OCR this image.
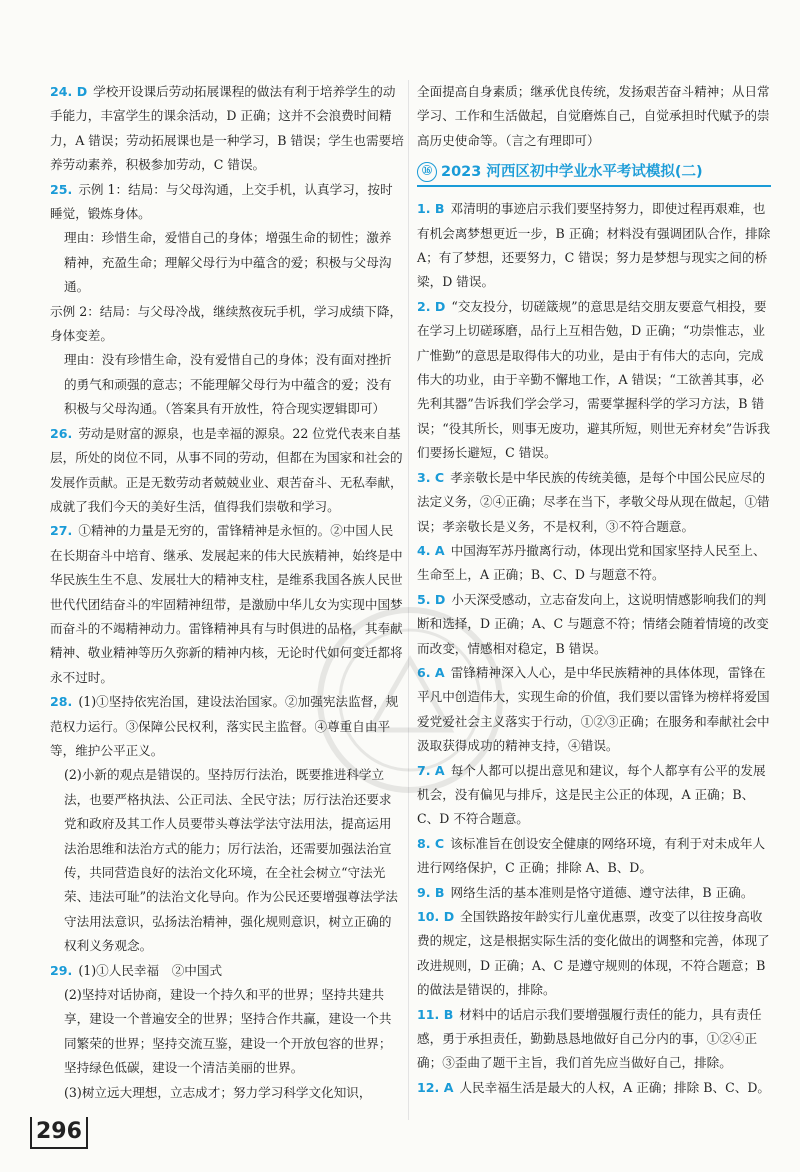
24. D 学校开设课后劳动拓展课程的做法有利于培养学生的动手能力，丰富学生的课余活动，D 正确；这并不会浪费时间精力，A 错误；劳动拓展课也是一种学习，B 错误；学生也需要培养劳动素养，积极参加劳动，C 错误。
25. 示例 1：结局：与父母沟通，上交手机，认真学习，按时睡觉，锻炼身体。

理由：珍惜生命，爱惜自己的身体；增强生命的韧性；激养精神，充盈生命；理解父母行为中蕴含的爱；积极与父母沟通。

示例 2：结局：与父母冷战，继续熬夜玩手机，学习成绩下降，身体变差。

理由：没有珍惜生命，没有爱惜自己的身体；没有面对挫折的勇气和顽强的意志；不能理解父母行为中蕴含的爱；没有积极与父母沟通。（答案具有开放性，符合现实逻辑即可）

26. 劳动是财富的源泉，也是幸福的源泉。22 位党代表来自基层，所处的岗位不同，从事不同的劳动，但都在为国家和社会的发展作贡献。正是无数劳动者兢兢业业、艰苦奋斗、无私奉献，成就了我们今天的美好生活，值得我们崇敬和学习。
27. ①精神的力量是无穷的，雷锋精神是永恒的。②中国人民在长期奋斗中培育、继承、发展起来的伟大民族精神，始终是中华民族生生不息、发展壮大的精神支柱，是维系我国各族人民世世代代团结奋斗的牢固精神纽带，是激励中华儿女为实现中国梦而奋斗的不竭精神动力。雷锋精神具有与时俱进的品格，其奉献精神、敬业精神等历久弥新的精神内核，无论时代如何变迁都将永不过时。
28. (1)①坚持依宪治国，建设法治国家。②加强宪法监督，规范权力运行。③保障公民权利，落实民主监督。④尊重自由平等，维护公平正义。

(2)小新的观点是错误的。坚持厉行法治，既要推进科学立法，也要严格执法、公正司法、全民守法；厉行法治还要求党和政府及其工作人员要带头尊法学法守法用法，提高运用法治思维和法治方式的能力；厉行法治，还需要加强法治宣传，共同营造良好的法治文化环境，在全社会树立“守法光荣、违法可耻”的法治文化导向。作为公民还要增强尊法学法守法用法意识，弘扬法治精神，强化规则意识，树立正确的权利义务观念。

29. (1)①人民幸福　②中国式

(2)坚持对话协商，建设一个持久和平的世界；坚持共建共享，建设一个普遍安全的世界；坚持合作共赢，建设一个共同繁荣的世界；坚持交流互鉴，建设一个开放包容的世界；坚持绿色低碳，建设一个清洁美丽的世界。

(3)树立远大理想，立志成才；努力学习科学文化知识，

全面提高自身素质；继承优良传统，发扬艰苦奋斗精神；从日常学习、工作和生活做起，自觉磨炼自己，自觉承担时代赋予的崇高历史使命等。（言之有理即可）

⑯ 2023 河西区初中学业水平考试模拟(二)
1. B 邓清明的事迹启示我们要坚持努力，即使过程再艰难，也有机会离梦想更近一步，B 正确；材料没有强调团队合作，排除 A；有了梦想，还要努力，C 错误；努力是梦想与现实之间的桥梁，D 错误。
2. D “交友投分，切磋箴规”的意思是结交朋友要意气相投，要在学习上切磋琢磨，品行上互相告勉，D 正确；“功崇惟志，业广惟勤”的意思是取得伟大的功业，是由于有伟大的志向，完成伟大的功业，由于辛勤不懈地工作，A 错误；“工欲善其事，必先利其器”告诉我们学会学习，需要掌握科学的学习方法，B 错误；“役其所长，则事无废功，避其所短，则世无弃材矣”告诉我们要扬长避短，C 错误。
3. C 孝亲敬长是中华民族的传统美德，是每个中国公民应尽的法定义务，②④正确；尽孝在当下，孝敬父母从现在做起，①错误；孝亲敬长是义务，不是权利，③不符合题意。
4. A 中国海军苏丹撤离行动，体现出党和国家坚持人民至上、生命至上，A 正确；B、C、D 与题意不符。
5. D 小天深受感动，立志奋发向上，这说明情感影响我们的判断和选择，D 正确；A、C 与题意不符；情绪会随着情境的改变而改变，情感相对稳定，B 错误。
6. A 雷锋精神深入人心，是中华民族精神的具体体现，雷锋在平凡中创造伟大，实现生命的价值，我们要以雷锋为榜样将爱国爱党爱社会主义落实于行动，①②③正确；在服务和奉献社会中汲取获得成功的精神支持，④错误。
7. A 每个人都可以提出意见和建议，每个人都享有公平的发展机会，没有偏见与排斥，这是民主公正的体现，A 正确；B、C、D 不符合题意。
8. C 该标准旨在创设安全健康的网络环境，有利于对未成年人进行网络保护，C 正确；排除 A、B、D。
9. B 网络生活的基本准则是恪守道德、遵守法律，B 正确。
10. D 全国铁路按年龄实行儿童优惠票，改变了以往按身高收费的规定，这是根据实际生活的变化做出的调整和完善，体现了改进规则，D 正确；A、C 是遵守规则的体现，不符合题意；B 的做法是错误的，排除。
11. B 材料中的话启示我们要增强履行责任的能力，具有责任感，勇于承担责任，勤勤恳恳地做好自己分内的事，①②④正确；③歪曲了题干主旨，我们首先应当做好自己，排除。
12. A 人民幸福生活是最大的人权，A 正确；排除 B、C、D。
296
